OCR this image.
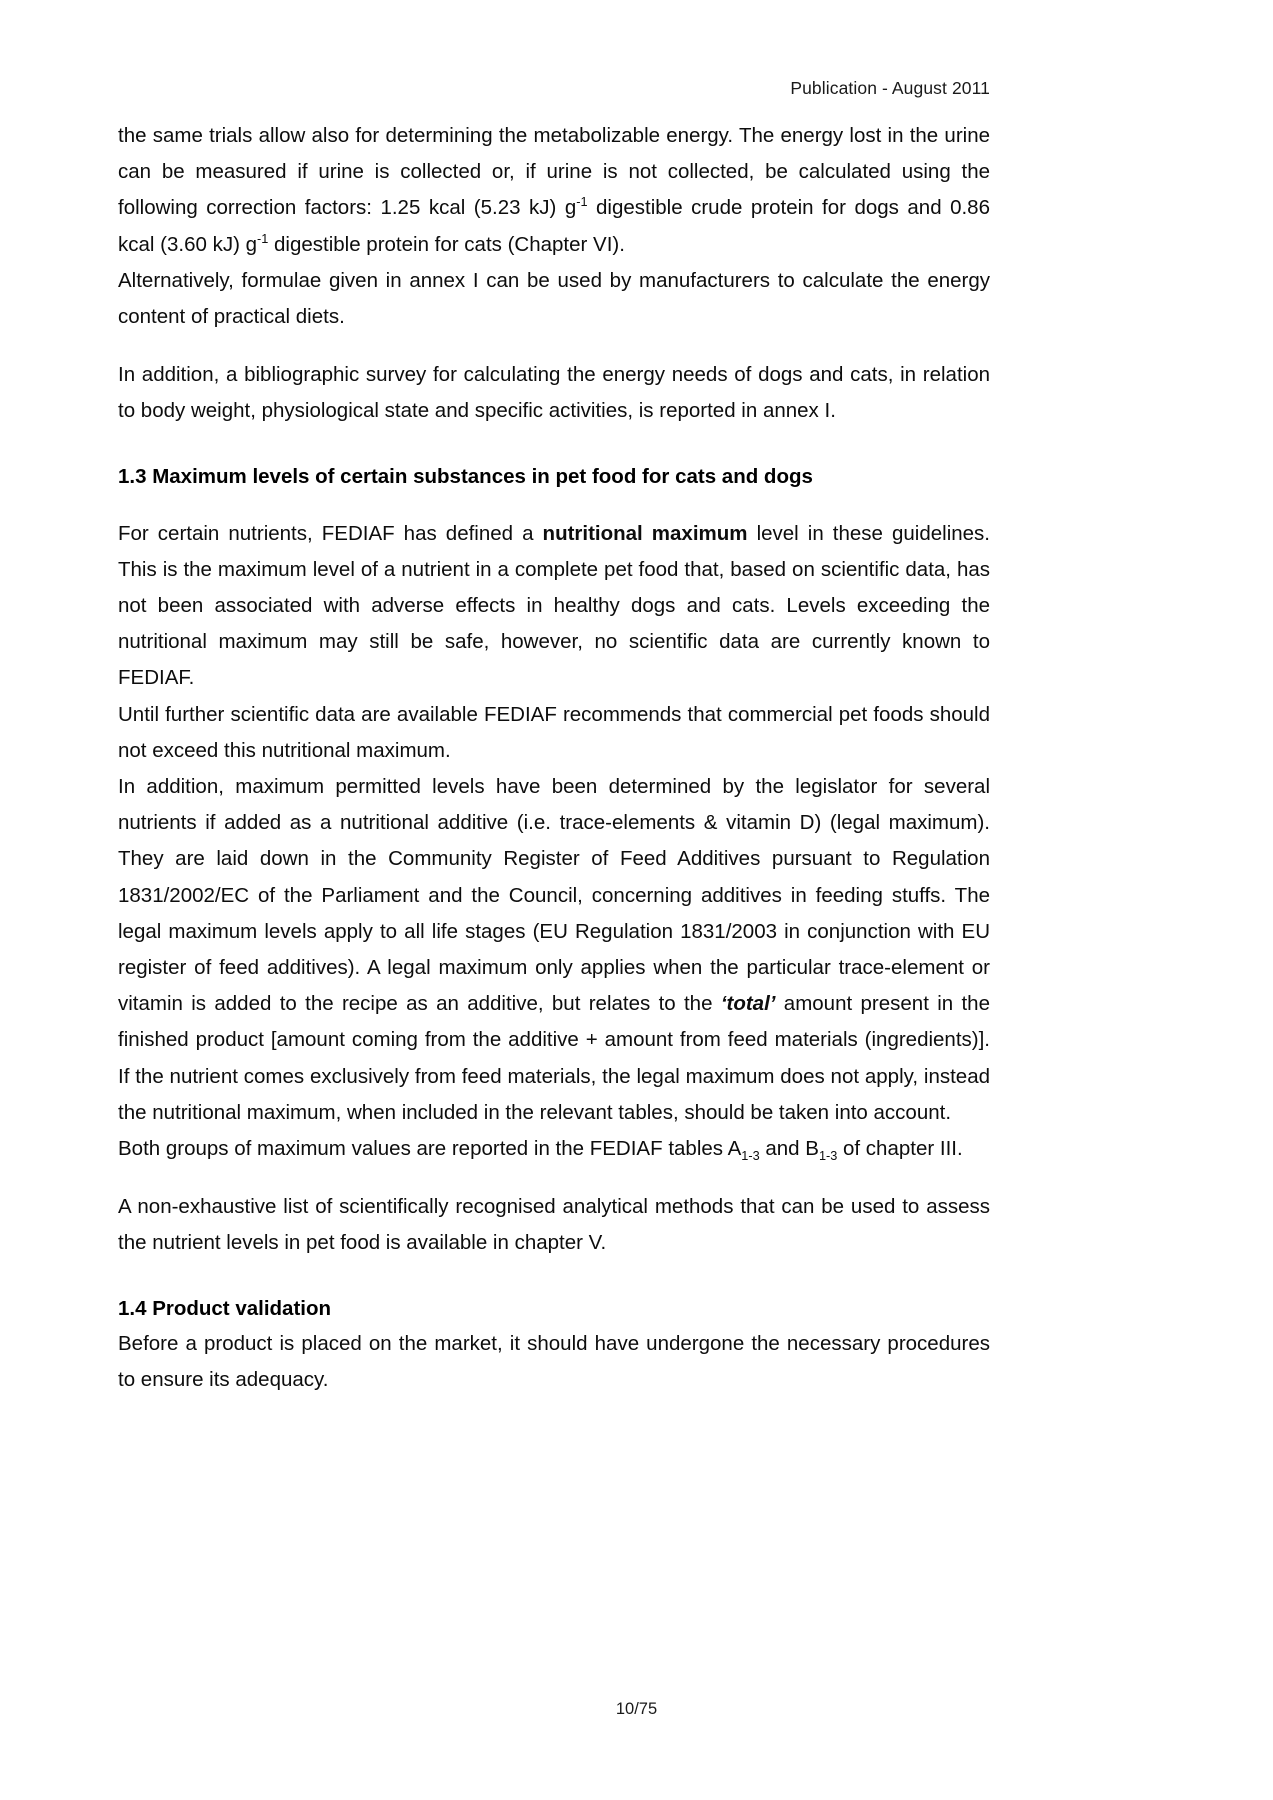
Publication - August 2011

the same trials allow also for determining the metabolizable energy. The energy lost in the urine can be measured if urine is collected or, if urine is not collected, be calculated using the following correction factors: 1.25 kcal (5.23 kJ) $g^{-1}$ digestible crude protein for dogs and 0.86 kcal (3.60 kJ) $g^{-1}$ digestible protein for cats (Chapter VI).

Alternatively, formulae given in annex I can be used by manufacturers to calculate the energy content of practical diets.

In addition, a bibliographic survey for calculating the energy needs of dogs and cats, in relation to body weight, physiological state and specific activities, is reported in annex I.

1.3 Maximum levels of certain substances in pet food for cats and dogs

For certain nutrients, FEDIAF has defined a nutritional maximum level in these guidelines. This is the maximum level of a nutrient in a complete pet food that, based on scientific data, has not been associated with adverse effects in healthy dogs and cats. Levels exceeding the nutritional maximum may still be safe, however, no scientific data are currently known to FEDIAF.

Until further scientific data are available FEDIAF recommends that commercial pet foods should not exceed this nutritional maximum.

In addition, maximum permitted levels have been determined by the legislator for several nutrients if added as a nutritional additive (i.e. trace-elements & vitamin D) (legal maximum). They are laid down in the Community Register of Feed Additives pursuant to Regulation 1831/2002/EC of the Parliament and the Council, concerning additives in feeding stuffs. The legal maximum levels apply to all life stages (EU Regulation 1831/2003 in conjunction with EU register of feed additives). A legal maximum only applies when the particular trace-element or vitamin is added to the recipe as an additive, but relates to the ‘total’ amount present in the finished product [amount coming from the additive + amount from feed materials (ingredients)]. If the nutrient comes exclusively from feed materials, the legal maximum does not apply, instead the nutritional maximum, when included in the relevant tables, should be taken into account.

Both groups of maximum values are reported in the FEDIAF tables $A_{1-3}$ and $B_{1-3}$ of chapter III.

A non-exhaustive list of scientifically recognised analytical methods that can be used to assess the nutrient levels in pet food is available in chapter V.

1.4 Product validation

Before a product is placed on the market, it should have undergone the necessary procedures to ensure its adequacy.

10/75
